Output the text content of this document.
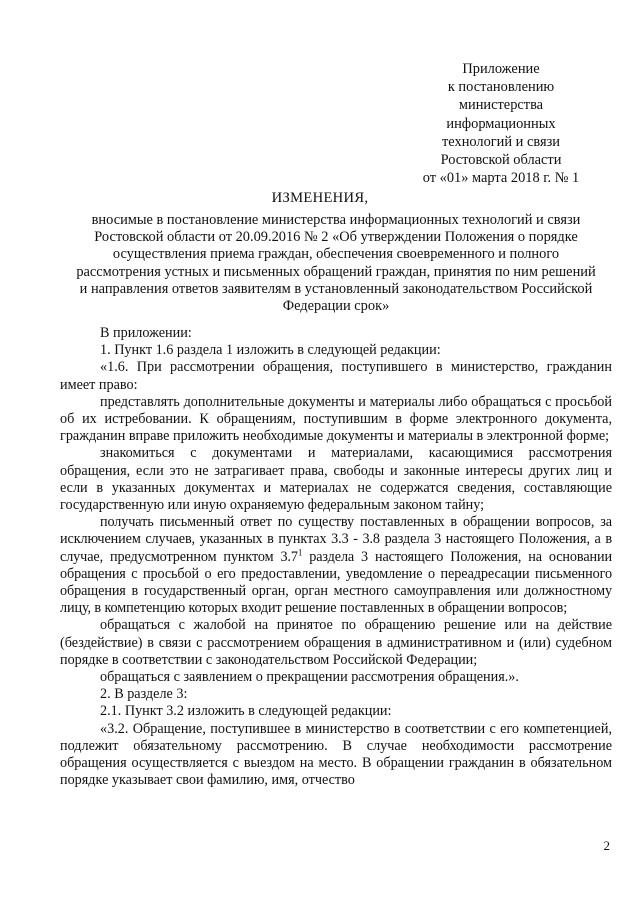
Приложение
к постановлению
министерства
информационных
технологий и связи
Ростовской области
от «01» марта 2018 г. № 1
ИЗМЕНЕНИЯ,
вносимые в постановление министерства информационных технологий и связи
Ростовской области от 20.09.2016 № 2 «Об утверждении Положения о порядке
осуществления приема граждан, обеспечения своевременного и полного
рассмотрения устных и письменных обращений граждан, принятия по ним решений
и направления ответов заявителям в установленный законодательством Российской
Федерации срок»

В приложении:

1. Пункт 1.6 раздела 1 изложить в следующей редакции:

«1.6. При рассмотрении обращения, поступившего в министерство, гражданин имеет право:

представлять дополнительные документы и материалы либо обращаться с просьбой об их истребовании. К обращениям, поступившим в форме электронного документа, гражданин вправе приложить необходимые документы и материалы в электронной форме;

знакомиться с документами и материалами, касающимися рассмотрения обращения, если это не затрагивает права, свободы и законные интересы других лиц и если в указанных документах и материалах не содержатся сведения, составляющие государственную или иную охраняемую федеральным законом тайну;

получать письменный ответ по существу поставленных в обращении вопросов, за исключением случаев, указанных в пунктах 3.3 - 3.8 раздела 3 настоящего Положения, а в случае, предусмотренном пунктом $3.7^1$ раздела 3 настоящего Положения, на основании обращения с просьбой о его предоставлении, уведомление о переадресации письменного обращения в государственный орган, орган местного самоуправления или должностному лицу, в компетенцию которых входит решение поставленных в обращении вопросов;

обращаться с жалобой на принятое по обращению решение или на действие (бездействие) в связи с рассмотрением обращения в административном и (или) судебном порядке в соответствии с законодательством Российской Федерации;

обращаться с заявлением о прекращении рассмотрения обращения.».

2. В разделе 3:

2.1. Пункт 3.2 изложить в следующей редакции:

«3.2. Обращение, поступившее в министерство в соответствии с его компетенцией, подлежит обязательному рассмотрению. В случае необходимости рассмотрение обращения осуществляется с выездом на место. В обращении гражданин в обязательном порядке указывает свои фамилию, имя, отчество

2
